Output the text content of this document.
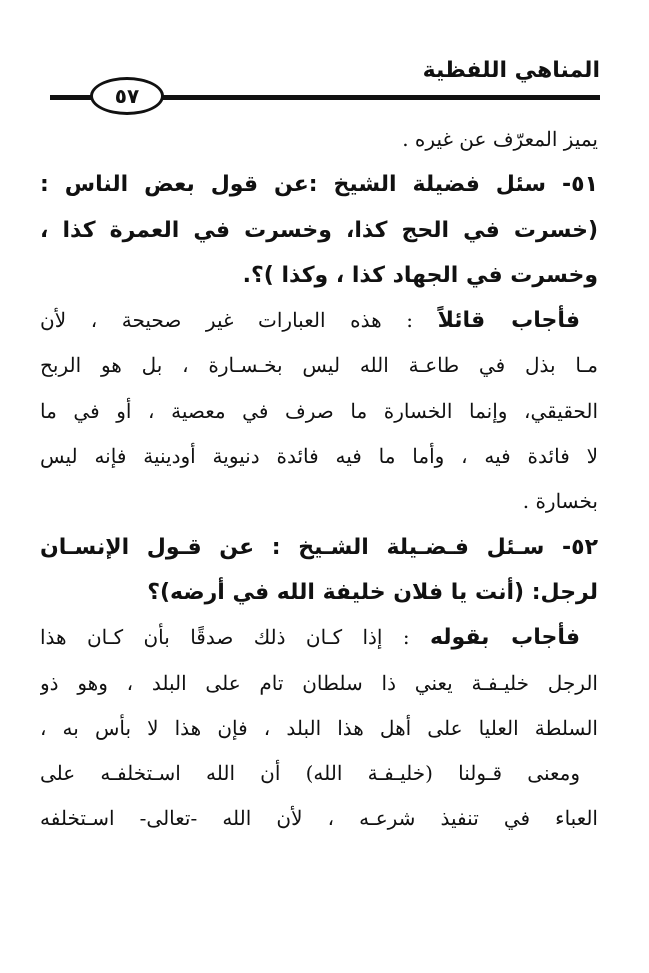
المناهي اللفظية
٥٧
يميز المعرّف عن غيره .
٥١- سئل فضيلة الشيخ :عن قول بعض الناس :
(خسرت في الحج كذا، وخسرت في العمرة كذا ،
وخسرت في الجهاد كذا ، وكذا )؟.
فأجاب قائلاً : هذه العبارات غير صحيحة ، لأن
مـا بذل في طاعـة الله ليس بخـسـارة ، بل هو الربح
الحقيقي، وإنما الخسارة ما صرف في معصية ، أو في ما
لا فائدة فيه ، وأما ما فيه فائدة دنيوية أودينية فإنه ليس
بخسارة .
٥٢- سـئل فـضـيلة الشـيخ : عن قـول الإنسـان
لرجل: (أنت يا فلان خليفة الله في أرضه)؟
فأجاب بقوله : إذا كـان ذلك صدقًا بأن كـان هذا
الرجل خليـفـة يعني ذا سلطان تام على البلد ، وهو ذو
السلطة العليا على أهل هذا البلد ، فإن هذا لا بأس به ،
ومعنى قـولنا (خليـفـة الله) أن الله اسـتخلفـه على
العباء في تنفيذ شرعـه ، لأن الله -تعالى- اسـتخلفه
